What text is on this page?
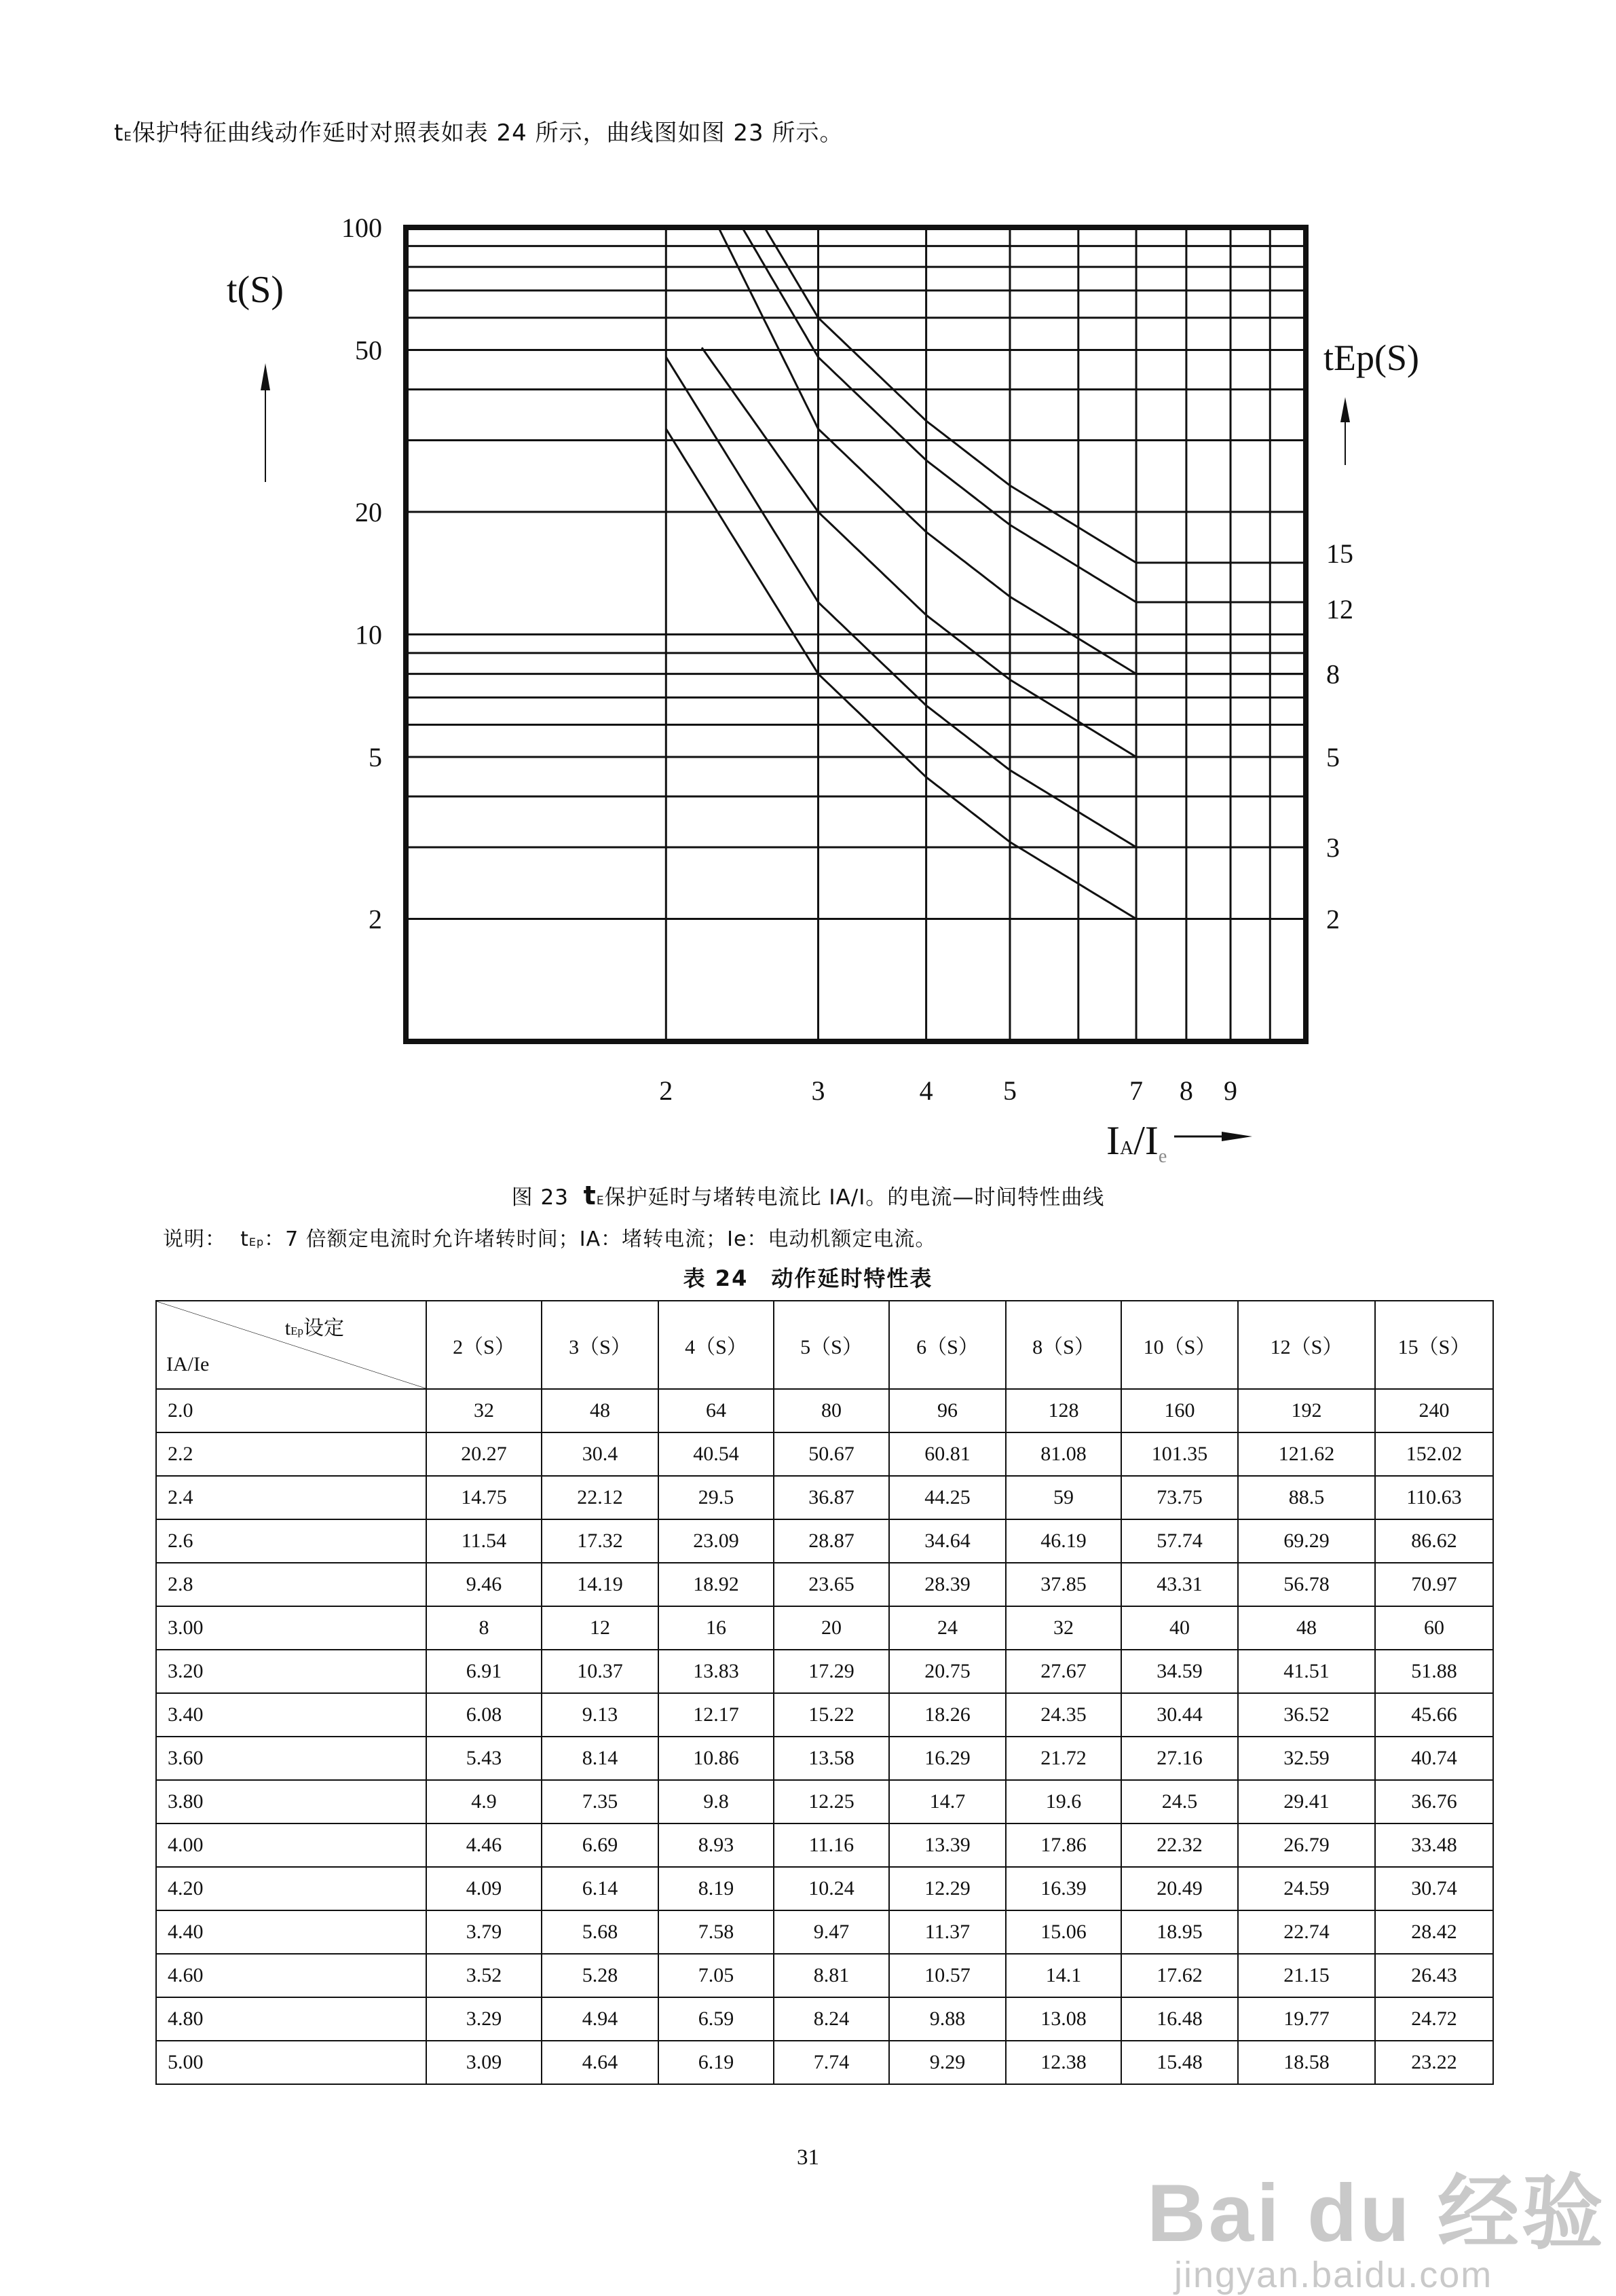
tE保护特征曲线动作延时对照表如表 24 所示，曲线图如图 23 所示。
100
50
20
10
5
2
2	3	4	5	7 8 9
15
12
8
5
3
2
t(S)
tEp(S)
$IA/I_e$
图 23 tE保护延时与堵转电流比 IA/I。的电流—时间特性曲线
说明： tEp：7 倍额定电流时允许堵转时间；IA：堵转电流；Ie：电动机额定电流。
表 24　动作延时特性表
tEp设定
IA/Ie	2（S）	3（S）	4（S）	5（S）	6（S）	8（S）	10（S）	12（S）	15（S）
2.0	32	48	64	80	96	128	160	192	240
2.2	20.27	30.4	40.54	50.67	60.81	81.08	101.35	121.62	152.02
2.4	14.75	22.12	29.5	36.87	44.25	59	73.75	88.5	110.63
2.6	11.54	17.32	23.09	28.87	34.64	46.19	57.74	69.29	86.62
2.8	9.46	14.19	18.92	23.65	28.39	37.85	43.31	56.78	70.97
3.00	8	12	16	20	24	32	40	48	60
3.20	6.91	10.37	13.83	17.29	20.75	27.67	34.59	41.51	51.88
3.40	6.08	9.13	12.17	15.22	18.26	24.35	30.44	36.52	45.66
3.60	5.43	8.14	10.86	13.58	16.29	21.72	27.16	32.59	40.74
3.80	4.9	7.35	9.8	12.25	14.7	19.6	24.5	29.41	36.76
4.00	4.46	6.69	8.93	11.16	13.39	17.86	22.32	26.79	33.48
4.20	4.09	6.14	8.19	10.24	12.29	16.39	20.49	24.59	30.74
4.40	3.79	5.68	7.58	9.47	11.37	15.06	18.95	22.74	28.42
4.60	3.52	5.28	7.05	8.81	10.57	14.1	17.62	21.15	26.43
4.80	3.29	4.94	6.59	8.24	9.88	13.08	16.48	19.77	24.72
5.00	3.09	4.64	6.19	7.74	9.29	12.38	15.48	18.58	23.22
31
Bai du 经验
jingyan.baidu.com
